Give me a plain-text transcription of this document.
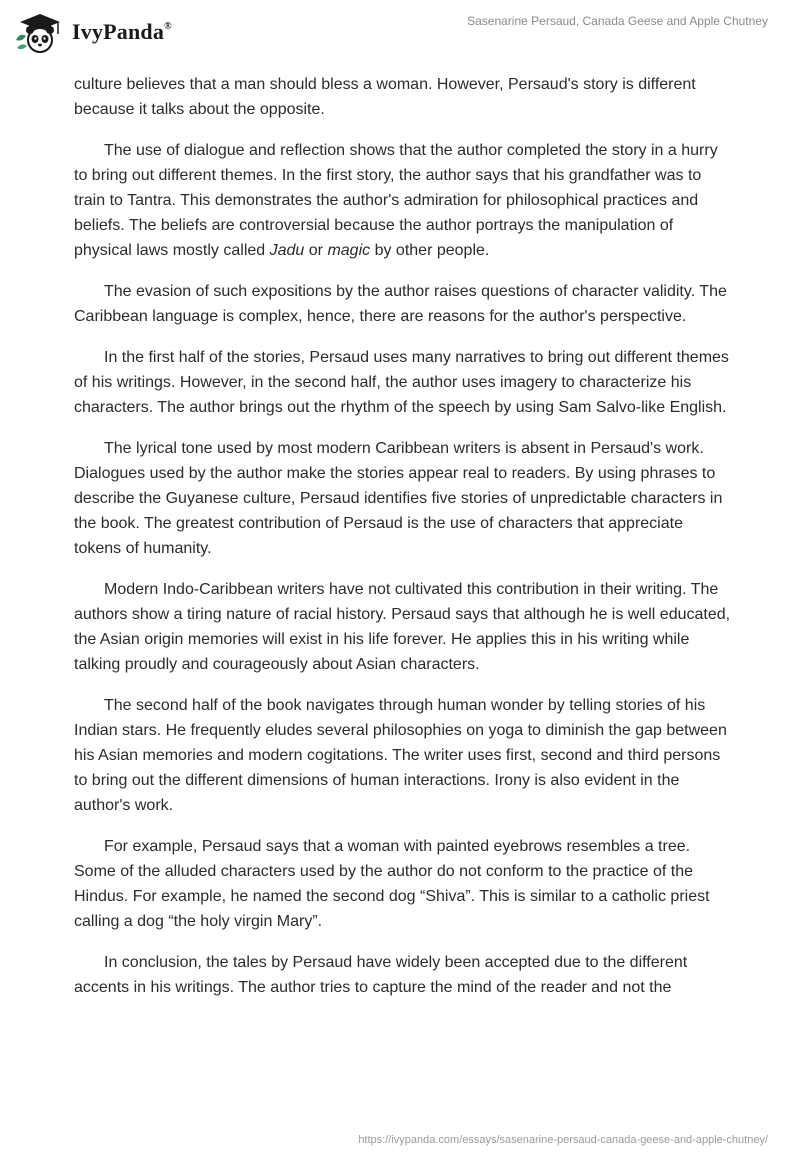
IvyPanda®	Sasenarine Persaud, Canada Geese and Apple Chutney

culture believes that a man should bless a woman. However, Persaud's story is different because it talks about the opposite.

The use of dialogue and reflection shows that the author completed the story in a hurry to bring out different themes. In the first story, the author says that his grandfather was to train to Tantra. This demonstrates the author's admiration for philosophical practices and beliefs. The beliefs are controversial because the author portrays the manipulation of physical laws mostly called Jadu or magic by other people.

The evasion of such expositions by the author raises questions of character validity. The Caribbean language is complex, hence, there are reasons for the author's perspective.

In the first half of the stories, Persaud uses many narratives to bring out different themes of his writings. However, in the second half, the author uses imagery to characterize his characters. The author brings out the rhythm of the speech by using Sam Salvo-like English.

The lyrical tone used by most modern Caribbean writers is absent in Persaud's work. Dialogues used by the author make the stories appear real to readers. By using phrases to describe the Guyanese culture, Persaud identifies five stories of unpredictable characters in the book. The greatest contribution of Persaud is the use of characters that appreciate tokens of humanity.

Modern Indo-Caribbean writers have not cultivated this contribution in their writing. The authors show a tiring nature of racial history. Persaud says that although he is well educated, the Asian origin memories will exist in his life forever. He applies this in his writing while talking proudly and courageously about Asian characters.

The second half of the book navigates through human wonder by telling stories of his Indian stars. He frequently eludes several philosophies on yoga to diminish the gap between his Asian memories and modern cogitations. The writer uses first, second and third persons to bring out the different dimensions of human interactions. Irony is also evident in the author's work.

For example, Persaud says that a woman with painted eyebrows resembles a tree. Some of the alluded characters used by the author do not conform to the practice of the Hindus. For example, he named the second dog “Shiva”. This is similar to a catholic priest calling a dog “the holy virgin Mary”.

In conclusion, the tales by Persaud have widely been accepted due to the different accents in his writings. The author tries to capture the mind of the reader and not the

https://ivypanda.com/essays/sasenarine-persaud-canada-geese-and-apple-chutney/
